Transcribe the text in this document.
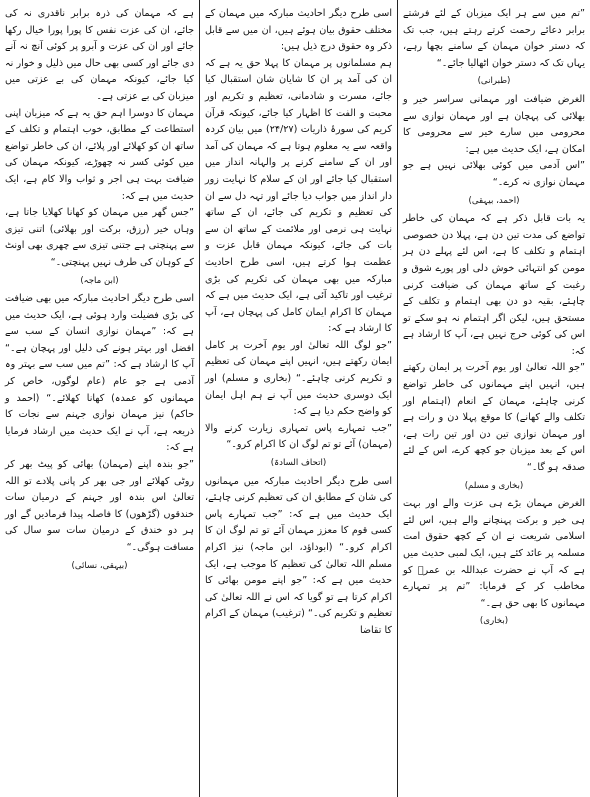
”تم میں سے ہر ایک میزبان کے لئے فرشتے برابر دعائے رحمت کرتے رہتے ہیں، جب تک کہ دستر خوان مہمان کے سامنے بچھا رہے، یہاں تک کہ دستر خوان اٹھالیا جائے۔“

(طبرانی)

الغرض ضیافت اور مہمانی سراسر خیر و بھلائی کی پہچان ہے اور مہمان نوازی سے محرومی میں سارے خیر سے محرومی کا امکان ہے، ایک حدیث میں ہے:

”اس آدمی میں کوئی بھلائی نہیں ہے جو مہمان نوازی نہ کرے۔“

(احمد، بیہقی)

یہ بات قابل ذکر ہے کہ مہمان کی خاطر تواضع کی مدت تین دن ہے، پہلا دن خصوصی اہتمام و تکلف کا ہے، اس لئے پہلے دن ہر مومن کو انتہائی خوش دلی اور پورے شوق و رغبت کے ساتھ مہمان کی ضیافت کرنی چاہئے، بقیہ دو دن بھی اہتمام و تکلف کے مستحق ہیں، لیکن اگر اہتمام نہ ہو سکے تو اس کی کوئی حرج نہیں ہے، آپ کا ارشاد ہے کہ:

”جو اللہ تعالیٰ اور یوم آخرت پر ایمان رکھتے ہیں، انہیں اپنے مہمانوں کی خاطر تواضع کرنی چاہئے، مہمان کے انعام (اہتمام اور تکلف والے کھانے) کا موقع پہلا دن و رات ہے اور مہمان نوازی تین دن اور تین رات ہے، اس کے بعد میزبان جو کچھ کرے، اس کے لئے صدقہ ہو گا۔“

(بخاری و مسلم)

الغرض مہمان بڑے ہی عزت والے اور بہت ہی خیر و برکت پہنچانے والے ہیں، اس لئے اسلامی شریعت نے ان کے کچھ حقوق امت مسلمہ پر عائد کئے ہیں، ایک لمبی حدیث میں ہے کہ آپ نے حضرت عبداللہ بن عمرؓ کو مخاطب کر کے فرمایا: ”تم پر تمہارے مہمانوں کا بھی حق ہے۔“

(بخاری)

اسی طرح دیگر احادیث مبارکہ میں مہمان کے مختلف حقوق بیان ہوئے ہیں، ان میں سے قابل ذکر وہ حقوق درج ذیل ہیں:

ہم مسلمانوں پر مہمان کا پہلا حق یہ ہے کہ ان کی آمد پر ان کا شایان شان استقبال کیا جائے، مسرت و شادمانی، تعظیم و تکریم اور محبت و الفت کا اظہار کیا جائے، کیونکہ قرآن کریم کی سورۂ ذاریات (۲۴/۲۷) میں بیان کردہ واقعہ سے یہ معلوم ہوتا ہے کہ مہمان کی آمد اور ان کے سامنے کرنے پر والہانہ انداز میں استقبال کیا جائے اور ان کے سلام کا نہایت زور دار انداز میں جواب دیا جائے اور تہہ دل سے ان کی تعظیم و تکریم کی جائے، ان کے ساتھ نہایت ہی نرمی اور ملائمت کے ساتھ ان سے بات کی جائے، کیونکہ مہمان قابل عزت و عظمت ہوا کرتے ہیں، اسی طرح احادیث مبارکہ میں بھی مہمان کی تکریم کی بڑی ترغیب اور تاکید آئی ہے، ایک حدیث میں ہے کہ مہمان کا اکرام ایمان کامل کی پہچان ہے، آپ کا ارشاد ہے کہ:

”جو لوگ اللہ تعالیٰ اور یوم آخرت پر کامل ایمان رکھتے ہیں، انہیں اپنے مہمان کی تعظیم و تکریم کرنی چاہئے۔“ (بخاری و مسلم) اور ایک دوسری حدیث میں آپ نے ہم اہل ایمان کو واضح حکم دیا ہے کہ:

”جب تمہارے پاس تمہاری زیارت کرنے والا (مہمان) آئے تو تم لوگ ان کا اکرام کرو۔“

(اتحاف السادۃ)

اسی طرح دیگر احادیث مبارکہ میں مہمانوں کی شان کے مطابق ان کی تعظیم کرنی چاہئے، ایک حدیث میں ہے کہ: ”جب تمہارے پاس کسی قوم کا معزز مہمان آئے تو تم لوگ ان کا اکرام کرو۔“ (ابوداؤد، ابن ماجہ) نیز اکرام مسلم اللہ تعالیٰ کی تعظیم کا موجب ہے، ایک حدیث میں ہے کہ: ”جو اپنے مومن بھائی کا اکرام کرتا ہے تو گویا کہ اس نے اللہ تعالیٰ کی تعظیم و تکریم کی۔“ (ترغیب) مہمان کے اکرام کا تقاضا

ہے کہ مہمان کی ذرہ برابر ناقدری نہ کی جائے، ان کی عزت نفس کا پورا پورا خیال رکھا جائے اور ان کی عزت و آبرو پر کوئی آنچ نہ آنے دی جائے اور کسی بھی حال میں ذلیل و خوار نہ کیا جائے، کیونکہ مہمان کی بے عزتی میں میزبان کی بے عزتی ہے۔

مہمان کا دوسرا اہم حق یہ ہے کہ میزبان اپنی استطاعت کے مطابق، خوب اہتمام و تکلف کے ساتھ ان کو کھلائے اور پلائے، ان کی خاطر تواضع میں کوئی کسر نہ چھوڑے، کیونکہ مہمان کی ضیافت بہت ہی اجر و ثواب والا کام ہے، ایک حدیث میں ہے کہ:

”جس گھر میں مہمان کو کھانا کھلایا جاتا ہے، وہاں خیر (رزق، برکت اور بھلائی) اتنی تیزی سے پہنچتی ہے جتنی تیزی سے چھری بھی اونٹ کے کوہان کی طرف نہیں پہنچتی۔“

(ابن ماجہ)

اسی طرح دیگر احادیث مبارکہ میں بھی ضیافت کی بڑی فضیلت وارد ہوئی ہے، ایک حدیث میں ہے کہ: ”مہمان نوازی انسان کے سب سے افضل اور بہتر ہونے کی دلیل اور پہچان ہے۔“ آپ کا ارشاد ہے کہ: ”تم میں سب سے بہتر وہ آدمی ہے جو عام (عام لوگوں، خاص کر مہمانوں کو عمدہ) کھانا کھلائے۔“ (احمد و حاکم) نیز مہمان نوازی جہنم سے نجات کا ذریعہ ہے، آپ نے ایک حدیث میں ارشاد فرمایا ہے کہ:

”جو بندہ اپنے (مہمان) بھائی کو پیٹ بھر کر روٹی کھلائے اور جی بھر کر پانی پلادے تو اللہ تعالیٰ اس بندہ اور جہنم کے درمیان سات خندقوں (گڑھوں) کا فاصلہ پیدا فرمادیں گے اور ہر دو خندق کے درمیان سات سو سال کی مسافت ہوگی۔“

(بیہقی، نسائی)
